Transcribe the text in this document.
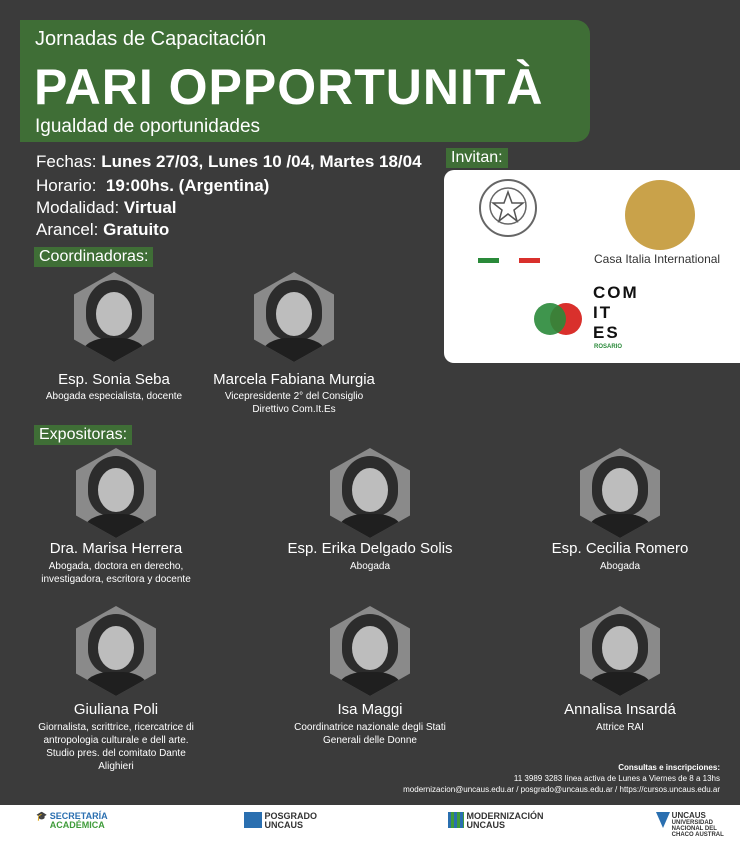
Jornadas de Capacitación
PARI OPPORTUNITÀ
Igualdad de oportunidades
Fechas: Lunes 27/03, Lunes 10 /04, Martes 18/04
Horario: 19:00hs. (Argentina)
Modalidad: Virtual
Arancel: Gratuito
Invitan:
Casa Italia International
COM
IT
ES
ROSARIO
Coordinadoras:
Esp. Sonia Seba
Abogada especialista, docente
Marcela Fabiana Murgia
Vicepresidente 2° del Consiglio
Direttivo Com.It.Es
Expositoras:
Dra. Marisa Herrera
Abogada, doctora en derecho,
investigadora, escritora y docente
Esp. Erika Delgado Solis
Abogada
Esp. Cecilia Romero
Abogada
Giuliana Poli
Giornalista, scrittrice, ricercatrice di
antropologia culturale e dell arte.
Studio pres. del comitato Dante
Alighieri
Isa Maggi
Coordinatrice nazionale degli Stati
Generali delle Donne
Annalisa Insardá
Attrice RAI
Consultas e inscripciones:
11 3989 3283 línea activa de Lunes a Viernes de 8 a 13hs
modernizacion@uncaus.edu.ar / posgrado@uncaus.edu.ar / https://cursos.uncaus.edu.ar
🎓 SECRETARÍA
ACADÉMICA

POSGRADO
UNCAUS

MODERNIZACIÓN
UNCAUS

UNCAUS
UNIVERSIDAD
NACIONAL DEL
CHACO AUSTRAL
